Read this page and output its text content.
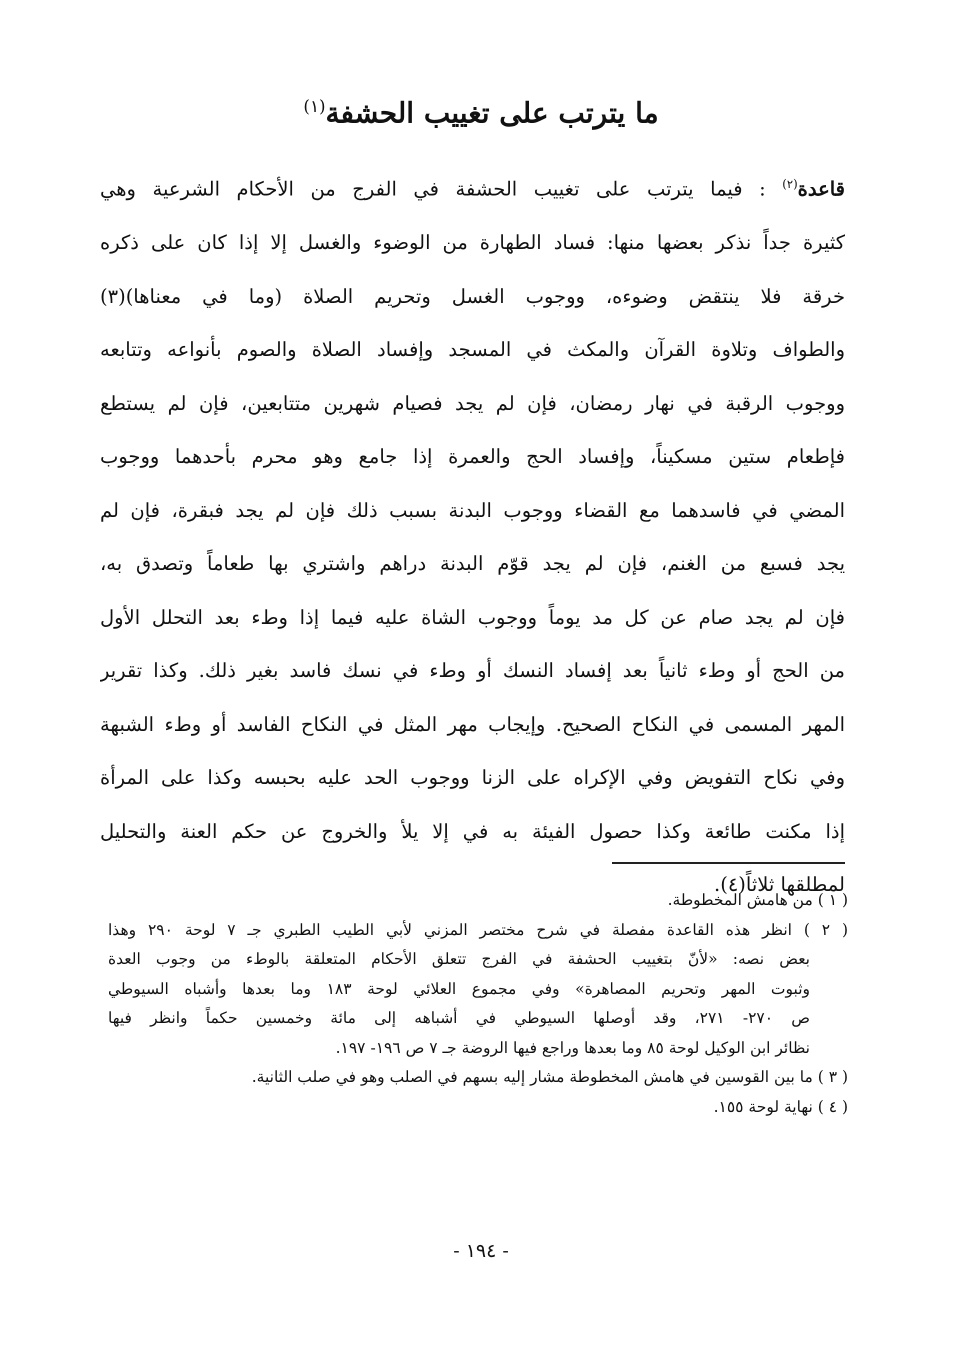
ما يترتب على تغييب الحشفة$^{(١)}$
قاعدة$^{(٢)}$ : فيما يترتب على تغييب الحشفة في الفرج من الأحكام الشرعية وهي
كثيرة جداً نذكر بعضها منها: فساد الطهارة من الوضوء والغسل إلا إذا كان على ذكره
خرقة فلا ينتقض وضوءه، ووجوب الغسل وتحريم الصلاة (وما في معناها)(٣)
والطواف وتلاوة القرآن والمكث في المسجد وإفساد الصلاة والصوم بأنواعه وتتابعه
ووجوب الرقبة في نهار رمضان، فإن لم يجد فصيام شهرين متتابعين، فإن لم يستطع
فإطعام ستين مسكيناً، وإفساد الحج والعمرة إذا جامع وهو محرم بأحدهما ووجوب
المضي في فاسدهما مع القضاء ووجوب البدنة بسبب ذلك فإن لم يجد فبقرة، فإن لم
يجد فسبع من الغنم، فإن لم يجد قوّم البدنة دراهم واشتري بها طعاماً وتصدق به،
فإن لم يجد صام عن كل مد يوماً ووجوب الشاة عليه فيما إذا وطء بعد التحلل الأول
من الحج أو وطء ثانياً بعد إفساد النسك أو وطء في نسك فاسد بغير ذلك. وكذا تقرير
المهر المسمى في النكاح الصحيح. وإيجاب مهر المثل في النكاح الفاسد أو وطء الشبهة
وفي نكاح التفويض وفي الإكراه على الزنا ووجوب الحد عليه بحبسه وكذا على المرأة
إذا مكنت طائعة وكذا حصول الفيئة به في إلا يلأ والخروج عن حكم العنة والتحليل
لمطلقها ثلاثاً(٤).
( ١ ) من هامش المخطوطة.
( ٢ ) انظر هذه القاعدة مفصلة في شرح مختصر المزني لأبي الطيب الطبري جـ ٧ لوحة ٢٩٠ وهذا
بعض نصه: «لأنّ بتغييب الحشفة في الفرج تتعلق الأحكام المتعلقة بالوطء من وجوب العدة
وثبوت المهر وتحريم المصاهرة» وفي مجموع العلائي لوحة ١٨٣ وما بعدها وأشباه السيوطي
ص ٢٧٠- ٢٧١، وقد أوصلها السيوطي في أشباهه إلى مائة وخمسين حكماً وانظر فيها
نظائر ابن الوكيل لوحة ٨٥ وما بعدها وراجع فيها الروضة جـ ٧ ص ١٩٦- ١٩٧.
( ٣ ) ما بين القوسين في هامش المخطوطة مشار إليه بسهم في الصلب وهو في صلب الثانية.
( ٤ ) نهاية لوحة ١٥٥.
- ١٩٤ -
